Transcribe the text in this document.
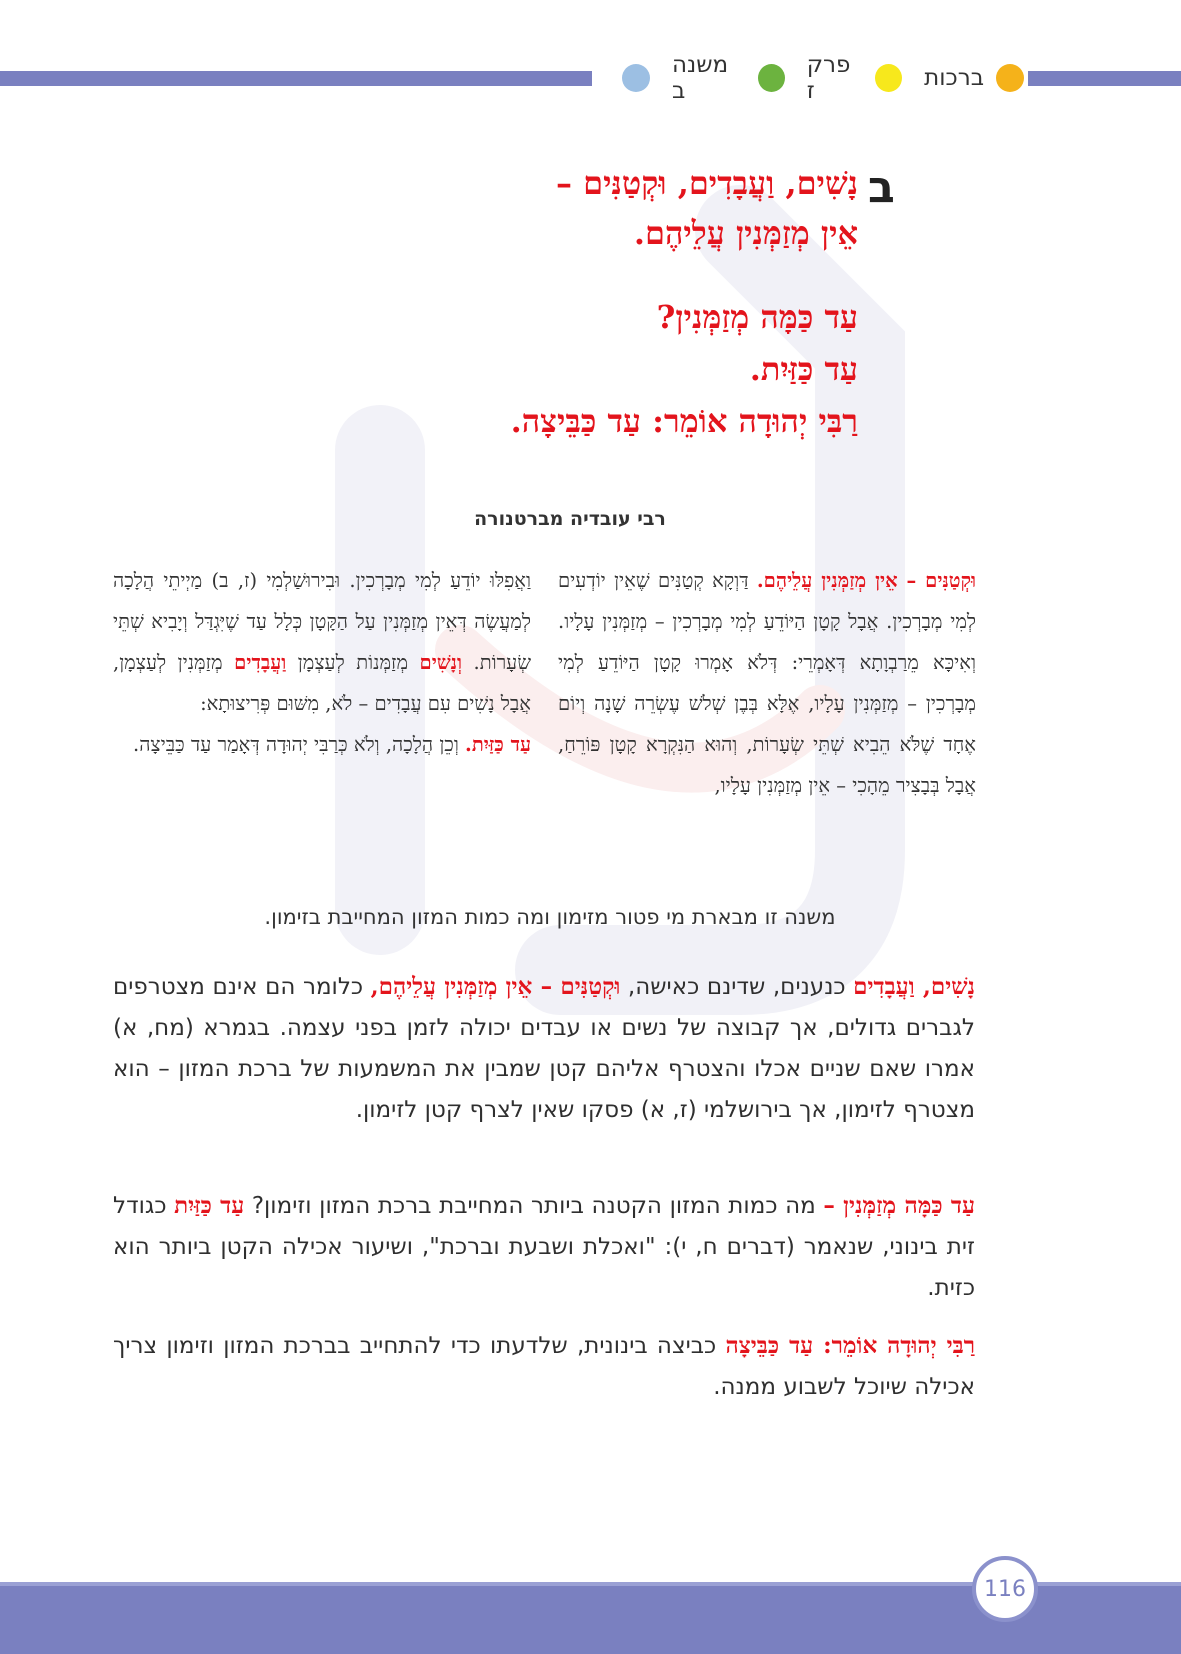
ברכות
פרק ז
משנה ב
ב
נָשִׁים, וַעֲבָדִים, וּקְטַנִּים –
אֵין מְזַמְּנִין עֲלֵיהֶם.
עַד כַּמָּה מְזַמְּנִין?
עַד כַּזַּיִת.
רַבִּי יְהוּדָה אוֹמֵר: עַד כַּבֵּיצָה.
רבי עובדיה מברטנורה
וּקְטַנִּים – אֵין מְזַמְּנִין עֲלֵיהֶם. דַּוְקָא קְטַנִּים שֶׁאֵין יוֹדְעִים לְמִי מְבָרְכִין. אֲבָל קָטָן הַיּוֹדֵעַ לְמִי מְבָרְכִין – מְזַמְּנִין עָלָיו. וְאִיכָּא מֵרַבְוָתָא דְּאָמְרֵי: דְּלֹא אָמְרוּ קָטָן הַיּוֹדֵעַ לְמִי מְבָרְכִין – מְזַמְּנִין עָלָיו, אֶלָּא בְּבֶן שְׁלֹשׁ עֶשְׂרֵה שָׁנָה וְיוֹם אֶחָד שֶׁלֹּא הֵבִיא שְׁתֵּי שְׂעָרוֹת, וְהוּא הַנִּקְרָא קָטָן פּוֹרֵחַ, אֲבָל בְּבָצִיר מֵהָכִי – אֵין מְזַמְּנִין עָלָיו,
וַאֲפִלּוּ יוֹדֵעַ לְמִי מְבָרְכִין. וּבִירוּשַׁלְמִי (ז, ב) מַיְיתֵי הֲלָכָה לְמַעֲשֶׂה דְּאֵין מְזַמְּנִין עַל הַקָּטָן כְּלָל עַד שֶׁיִּגְדַּל וְיָבִיא שְׁתֵּי שְׂעָרוֹת. וְנָשִׁים מְזַמְּנוֹת לְעַצְמָן וַעֲבָדִים מְזַמְּנִין לְעַצְמָן, אֲבָל נָשִׁים עִם עֲבָדִים – לֹא, מִשּׁוּם פְּרִיצוּתָא:
עַד כַּזַּיִת. וְכֵן הֲלָכָה, וְלֹא כְּרַבִּי יְהוּדָה דְּאָמַר עַד כַּבֵּיצָה.
משנה זו מבארת מי פטור מזימון ומה כמות המזון המחייבת בזימון.
נָשִׁים, וַעֲבָדִים כנענים, שדינם כאישה, וּקְטַנִּים – אֵין מְזַמְּנִין עֲלֵיהֶם, כלומר הם אינם מצטרפים לגברים גדולים, אך קבוצה של נשים או עבדים יכולה לזמן בפני עצמה. בגמרא (מח, א) אמרו שאם שניים אכלו והצטרף אליהם קטן שמבין את המשמעות של ברכת המזון – הוא מצטרף לזימון, אך בירושלמי (ז, א) פסקו שאין לצרף קטן לזימון.
עַד כַּמָּה מְזַמְּנִין – מה כמות המזון הקטנה ביותר המחייבת ברכת המזון וזימון? עַד כַּזַּיִת כגודל זית בינוני, שנאמר (דברים ח, י): "ואכלת ושבעת וברכת", ושיעור אכילה הקטן ביותר הוא כזית.
רַבִּי יְהוּדָה אוֹמֵר: עַד כַּבֵּיצָה כביצה בינונית, שלדעתו כדי להתחייב בברכת המזון וזימון צריך אכילה שיוכל לשבוע ממנה.
116
